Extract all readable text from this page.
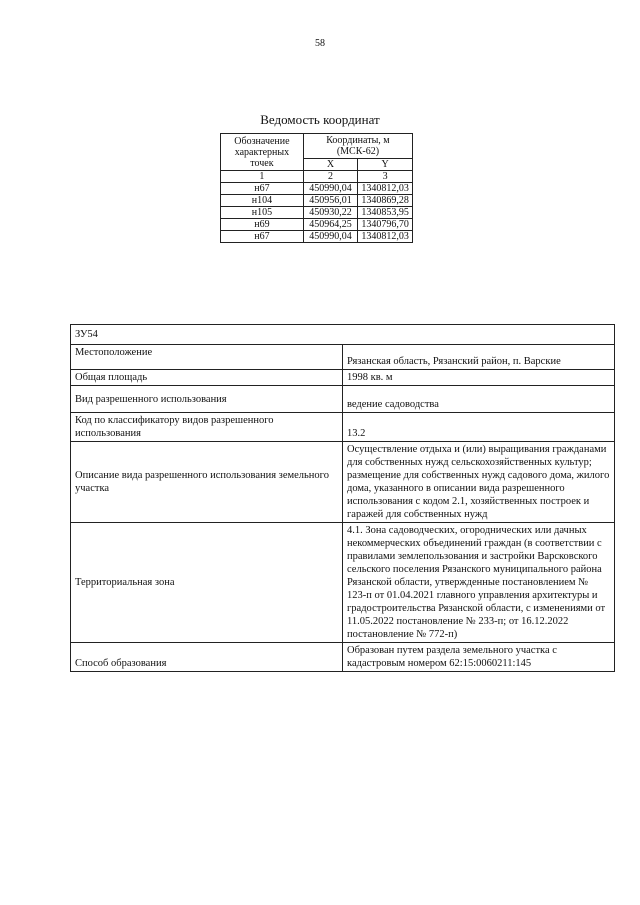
58
Ведомость координат
Обозначение характерных точек	Координаты, м (МСК-62)	
	X	Y
1	2	3
н67	450990,04	1340812,03
н104	450956,01	1340869,28
н105	450930,22	1340853,95
н69	450964,25	1340796,70
н67	450990,04	1340812,03
ЗУ54	
Местоположение	Рязанская область, Рязанский район, п. Варские
Общая площадь	1998 кв. м
Вид разрешенного использования	ведение садоводства
Код по классификатору видов разрешенного использования	13.2
Описание вида разрешенного использования земельного участка	Осуществление отдыха и (или) выращивания гражданами для собственных нужд сельскохозяйственных культур; размещение для собственных нужд садового дома, жилого дома, указанного в описании вида разрешенного использования с кодом 2.1, хозяйственных построек и гаражей для собственных нужд
Территориальная зона	4.1. Зона садоводческих, огороднических или дачных некоммерческих объединений граждан (в соответствии с правилами землепользования и застройки Варсковского сельского поселения Рязанского муниципального района Рязанской области, утвержденные постановлением № 123-п от 01.04.2021 главного управления архитектуры и градостроительства Рязанской области, с изменениями от 11.05.2022 постановление № 233-п; от 16.12.2022 постановление № 772-п)
Способ образования	Образован путем раздела земельного участка с кадастровым номером 62:15:0060211:145
